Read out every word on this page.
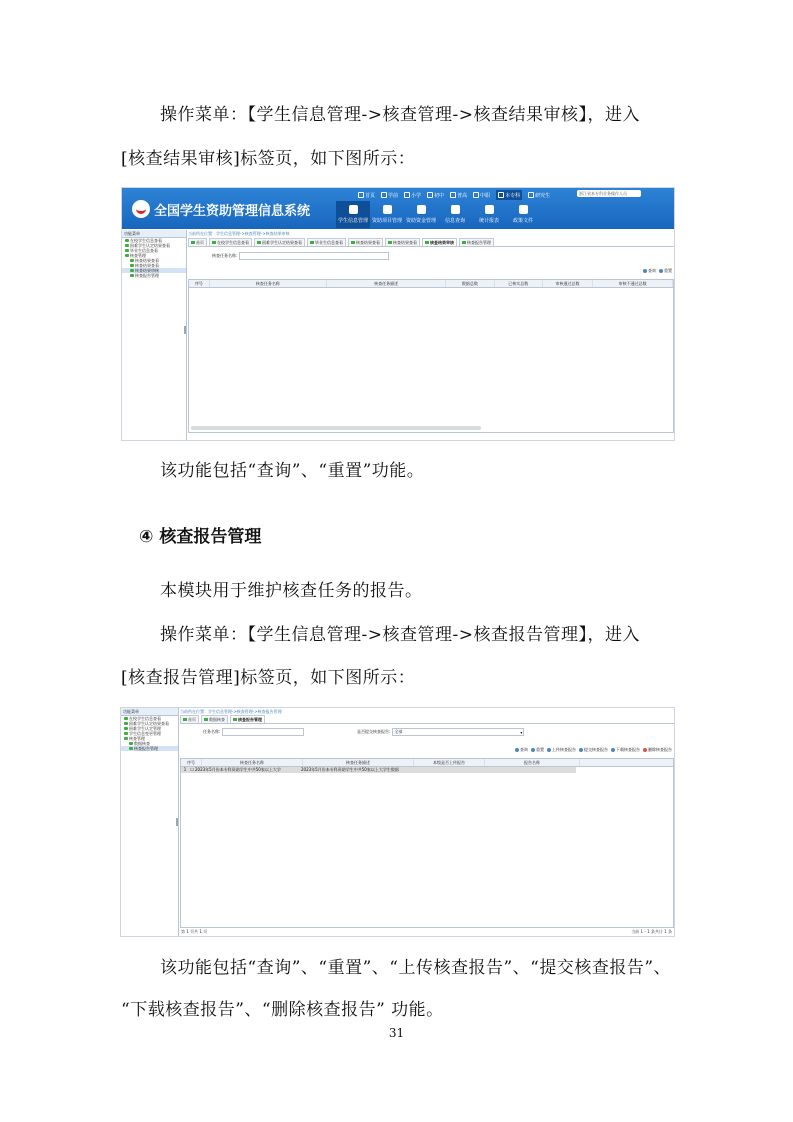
操作菜单：【学生信息管理->核查管理->核查结果审核】，进入
[核查结果审核]标签页，如下图所示：
全国学生资助管理信息系统
首页	学前	小学	初中	普高	中职	本专科	研究生	浙江省本专科业务操作人员
学生信息管理 资助项目管理 资助资金管理 信息查询	统计报表	政策文件
功能菜单
在校学生信息查看
困难学生认定结果查看
毕业生信息查看
核查管理
核查结果查看
核查结果查看
核查结果审核
核查报告管理
当前所在位置：学生信息管理->核查管理->核查结果审核
首页	在校学生信息查看	困难学生认定结果查看	毕业生信息查看	核查结果查看	核查结果查看	核查结果审核	核查报告管理
核查任务名称:
查询 重置
序号	核查任务名称	核查任务描述	数据总数	已核实总数	审核通过总数	审核不通过总数
该功能包括“查询”、“重置”功能。
④ 核查报告管理
本模块用于维护核查任务的报告。
操作菜单：【学生信息管理->核查管理->核查报告管理】，进入
[核查报告管理]标签页，如下图所示：
功能菜单
在校学生信息查看
困难学生认定结果查看
困难学生认定管理
学生信息变更管理
核查管理
数据核查
核查报告管理
当前所在位置：学生信息管理->核查管理->核查报告管理
首页	数据核查	核查报告管理
任务名称:	是否提交核查报告: 全部	▾
查询 重置 上传核查报告 提交核查报告 下载核查报告 删除核查报告
序号	核查任务名称	核查任务描述	本级是否上传报告	报告名称
1 ☐ 2023年5月份本专科资助学生中共50家以上大学	2023年5月份本专科资助学生中共50家以上大学生数据
第 1 页共 1 页	当前 1 - 1 条共计 1 条
该功能包括“查询”、“重置”、“上传核查报告”、“提交核查报告”、
“下载核查报告”、“删除核查报告” 功能。
31
